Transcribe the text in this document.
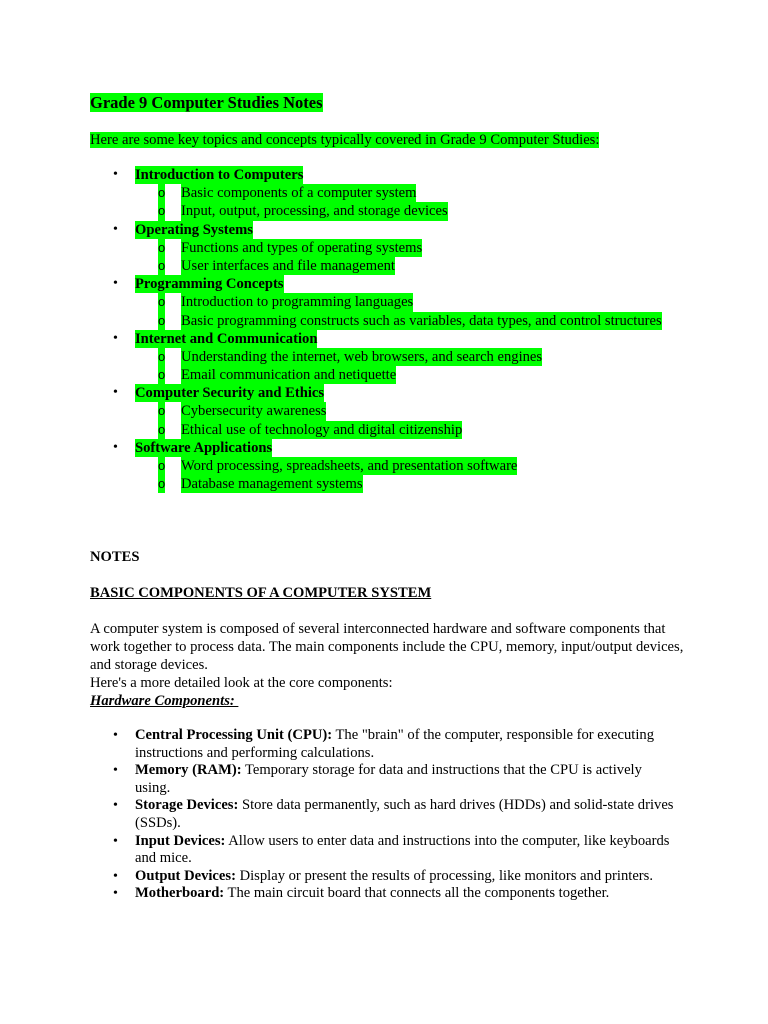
Grade 9 Computer Studies Notes

Here are some key topics and concepts typically covered in Grade 9 Computer Studies:

• Introduction to Computers
o Basic components of a computer system
o Input, output, processing, and storage devices
• Operating Systems
o Functions and types of operating systems
o User interfaces and file management
• Programming Concepts
o Introduction to programming languages
o Basic programming constructs such as variables, data types, and control structures
• Internet and Communication
o Understanding the internet, web browsers, and search engines
o Email communication and netiquette
• Computer Security and Ethics
o Cybersecurity awareness
o Ethical use of technology and digital citizenship
• Software Applications
o Word processing, spreadsheets, and presentation software
o Database management systems

NOTES

BASIC COMPONENTS OF A COMPUTER SYSTEM

A computer system is composed of several interconnected hardware and software components that work together to process data. The main components include the CPU, memory, input/output devices, and storage devices.

Here's a more detailed look at the core components:

Hardware Components:

• Central Processing Unit (CPU): The "brain" of the computer, responsible for executing instructions and performing calculations.
• Memory (RAM): Temporary storage for data and instructions that the CPU is actively using.
• Storage Devices: Store data permanently, such as hard drives (HDDs) and solid-state drives (SSDs).
• Input Devices: Allow users to enter data and instructions into the computer, like keyboards and mice.
• Output Devices: Display or present the results of processing, like monitors and printers.
• Motherboard: The main circuit board that connects all the components together.
